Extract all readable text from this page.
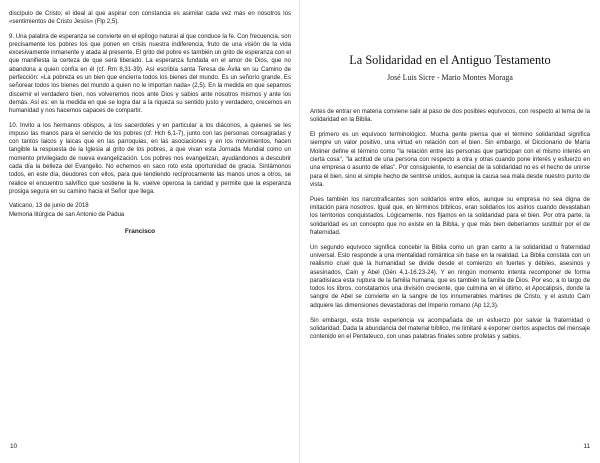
discípulo de Cristo; el ideal al que aspirar con constancia es asimilar cada vez más en nosotros los «sentimientos de Cristo Jesús» (Flp 2,5).

9. Una palabra de esperanza se convierte en el epílogo natural al que conduce la fe. Con frecuencia, son precisamente los pobres los que ponen en crisis nuestra indiferencia, fruto de una visión de la vida excesivamente inmanente y atada al presente. El grito del pobre es también un grito de esperanza con el que manifiesta la certeza de que será liberado. La esperanza fundada en el amor de Dios, que no abandona a quien confía en él (cf. Rm 8,31-39). Así escribía santa Teresa de Ávila en su Camino de perfección: «La pobreza es un bien que encierra todos los bienes del mundo. Es un señorío grande. Es señorear todos los bienes del mundo a quien no le importan nada» (2,5). En la medida en que sepamos discernir el verdadero bien, nos volveremos ricos ante Dios y sabios ante nosotros mismos y ante los demás. Así es: en la medida en que se logra dar a la riqueza su sentido justo y verdadero, crecemos en humanidad y nos hacemos capaces de compartir.

10. Invito a los hermanos obispos, a los sacerdotes y en particular a los diáconos, a quienes se les impuso las manos para el servicio de los pobres (cf. Hch 6,1-7), junto con las personas consagradas y con tantos laicos y laicas que en las parroquias, en las asociaciones y en los movimientos, hacen tangible la respuesta de la Iglesia al grito de los pobres, a que vivan esta Jornada Mundial como un momento privilegiado de nueva evangelización. Los pobres nos evangelizan, ayudándonos a descubrir cada día la belleza del Evangelio. No echemos en saco roto esta oportunidad de gracia. Sintámonos todos, en este día, deudores con ellos, para que tendiendo recíprocamente las manos unos a otros, se realice el encuentro salvífico que sostiene la fe, vuelve operosa la caridad y permite que la esperanza prosiga segura en su camino hacia el Señor que llega.

Vaticano, 13 de junio de 2018
Memoria litúrgica de san Antonio de Padua

Francisco

10
La Solidaridad en el Antiguo Testamento
José Luis Sicre - Mario Montes Moraga

Antes de entrar en materia conviene salir al paso de dos posibles equívocos, con respecto al tema de la solidaridad en la Biblia.

El primero es un equívoco terminológico. Mucha gente piensa que el término solidaridad significa siempre un valor positivo, una virtud en relación con el bien. Sin embargo, el Diccionario de María Moliner define el término como "la relación entre las personas que participan con el mismo interés en cierta cosa", "la actitud de una persona con respecto a otra y otras cuando pone interés y esfuerzo en una empresa o asunto de ellas". Por consiguiente, lo esencial de la solidaridad no es el hecho de unirse para el bien, sino el simple hecho de sentirse unidos, aunque la causa sea mala desde nuestro punto de vista.

Pues también los narcotraficantes son solidarios entre ellos, aunque su empresa no sea digna de imitación para nosotros. Igual que, en términos bíblicos, eran solidarios los asirios cuando devastaban los territorios conquistados. Lógicamente, nos fijamos en la solidaridad para el bien. Por otra parte, la solidaridad es un concepto que no existe en la Biblia, y que más bien deberíamos sustituir por el de fraternidad.

Un segundo equívoco significa concebir la Biblia como un gran canto a la solidaridad o fraternidad universal. Esto responde a una mentalidad romántica sin base en la realidad. La Biblia constata con un realismo cruel que la humanidad se divide desde el comienzo en fuertes y débiles, asesinos y asesinados, Caín y Abel (Gén 4,1-16.23-24). Y en ningún momento intenta recomponer de forma paradisíaca esta ruptura de la familia humana, que es también la familia de Dios. Por eso, a lo largo de todos los libros, constatamos una división creciente, que culmina en el último, el Apocalipsis, donde la sangre de Abel se convierte en la sangre de los innumerables mártires de Cristo, y el astuto Caín adquiere las dimensiones devastadoras del Imperio romano (Ap 12,3).

Sin embargo, esta triste experiencia va acompañada de un esfuerzo por salvar la fraternidad o solidaridad. Dada la abundancia del material bíblico, me limitaré a exponer ciertos aspectos del mensaje contenido en el Pentateuco, con unas palabras finales sobre profetas y sabios.

11
